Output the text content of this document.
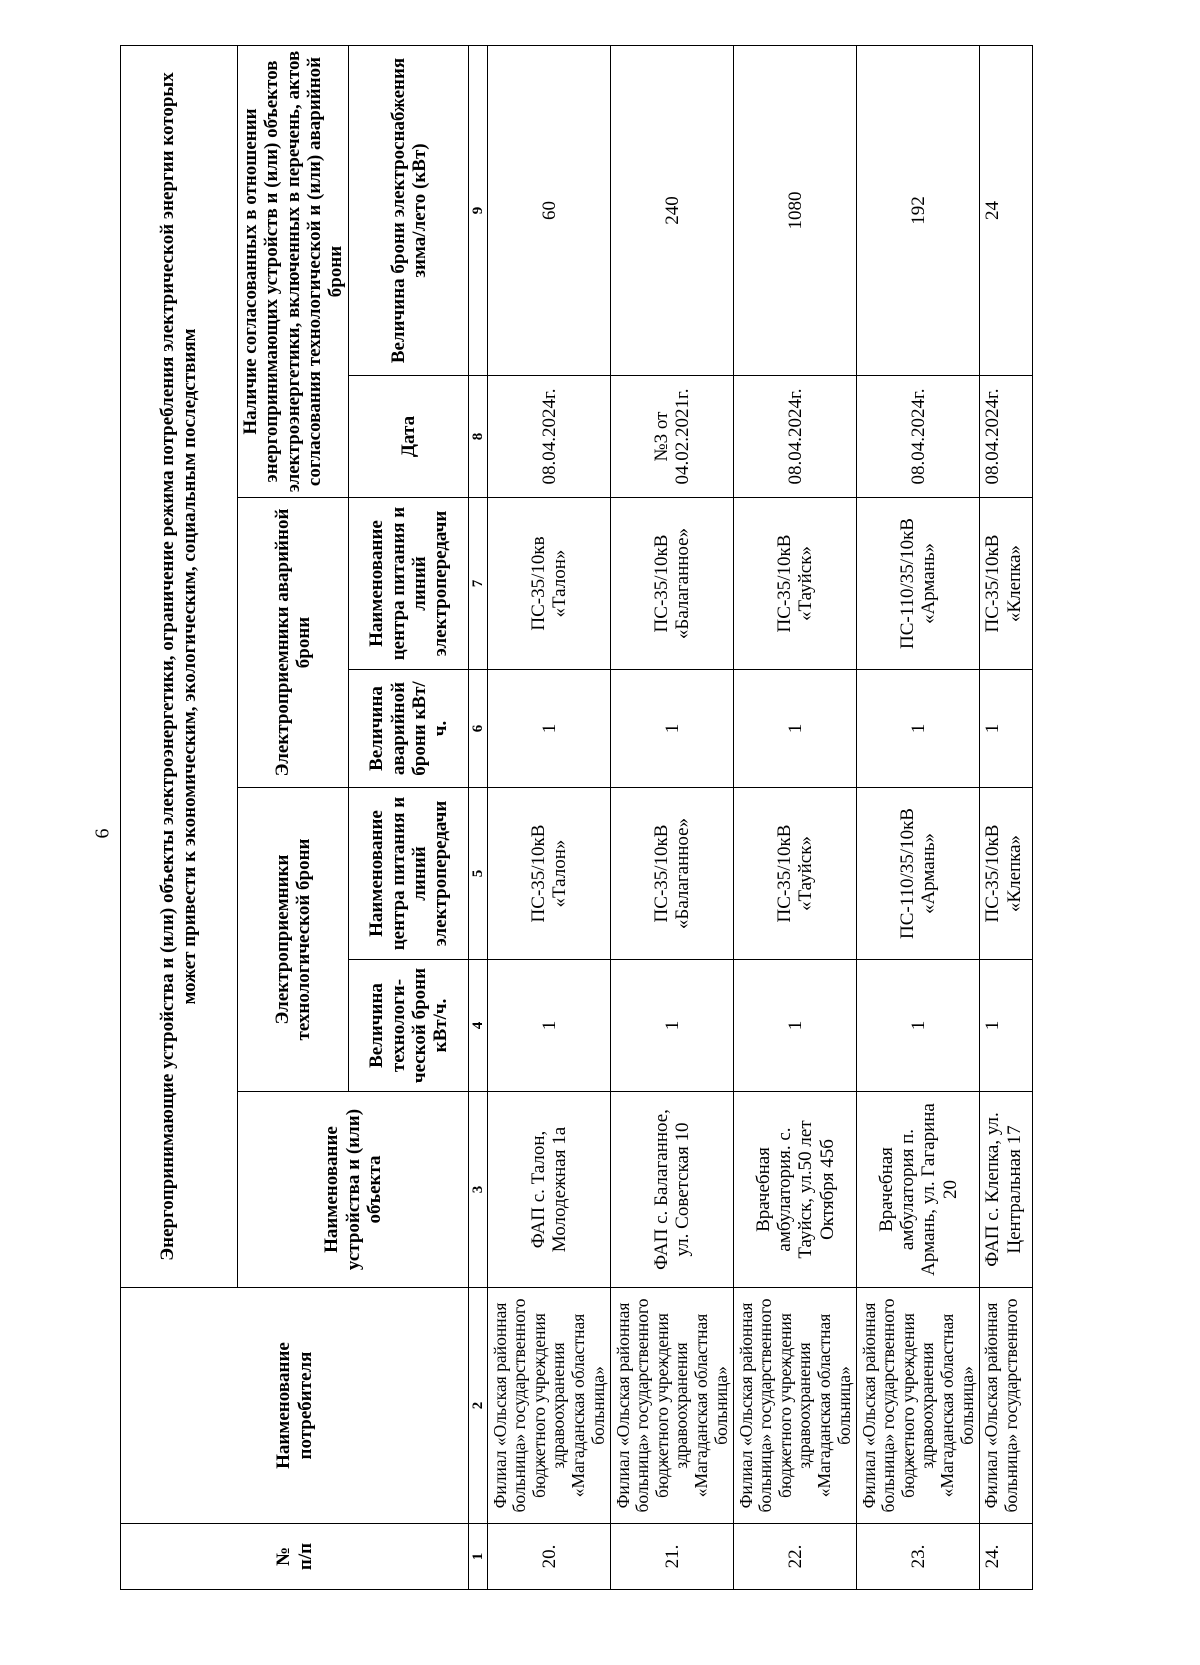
6
№
п/п	Наименование потребителя	Энергопринимающие устройства и (или) объекты электроэнергетики, ограничение режима потребления электрической энергии которых может привести к экономическим, экологическим, социальным последствиям						
		Наименование устройства и (или) объекта	Электроприемники технологической брони		Электроприемники аварийной брони		Наличие согласованных в отношении энергопринимающих устройств и (или) объектов электроэнергетики, включенных в перечень, актов согласования технологической и (или) аварийной брони	
			Величина технологи-ческой брони кВт/ч.	Наименование центра питания и линий электропередачи	Величина аварийной брони кВт/ч.	Наименование центра питания и линий электропередачи	Дата	Величина брони электроснабжения зима/лето (кВт)
1	2	3	4	5	6	7	8	9
20.	Филиал «Ольская районная больница» государственного бюджетного учреждения здравоохранения «Магаданская областная больница»	ФАП с. Талон, Молодежная 1а	1	ПС-35/10кВ «Талон»	1	ПС-35/10кв «Талон»	08.04.2024г.	60
21.	Филиал «Ольская районная больница» государственного бюджетного учреждения здравоохранения «Магаданская областная больница»	ФАП с. Балаганное, ул. Советская 10	1	ПС-35/10кВ «Балаганное»	1	ПС-35/10кВ «Балаганное»	№3 от 04.02.2021г.	240
22.	Филиал «Ольская районная больница» государственного бюджетного учреждения здравоохранения «Магаданская областная больница»	Врачебная амбулатория. с. Тауйск, ул.50 лет Октября 45б	1	ПС-35/10кВ «Тауйск»	1	ПС-35/10кВ «Тауйск»	08.04.2024г.	1080
23.	Филиал «Ольская районная больница» государственного бюджетного учреждения здравоохранения «Магаданская областная больница»	Врачебная амбулатория п. Армань, ул. Гагарина 20	1	ПС-110/35/10кВ «Армань»	1	ПС-110/35/10кВ «Армань»	08.04.2024г.	192
24.	Филиал «Ольская районная больница» государственного	ФАП с. Клепка, ул. Центральная 17	1	ПС-35/10кВ «Клепка»	1	ПС-35/10кВ «Клепка»	08.04.2024г.	24
